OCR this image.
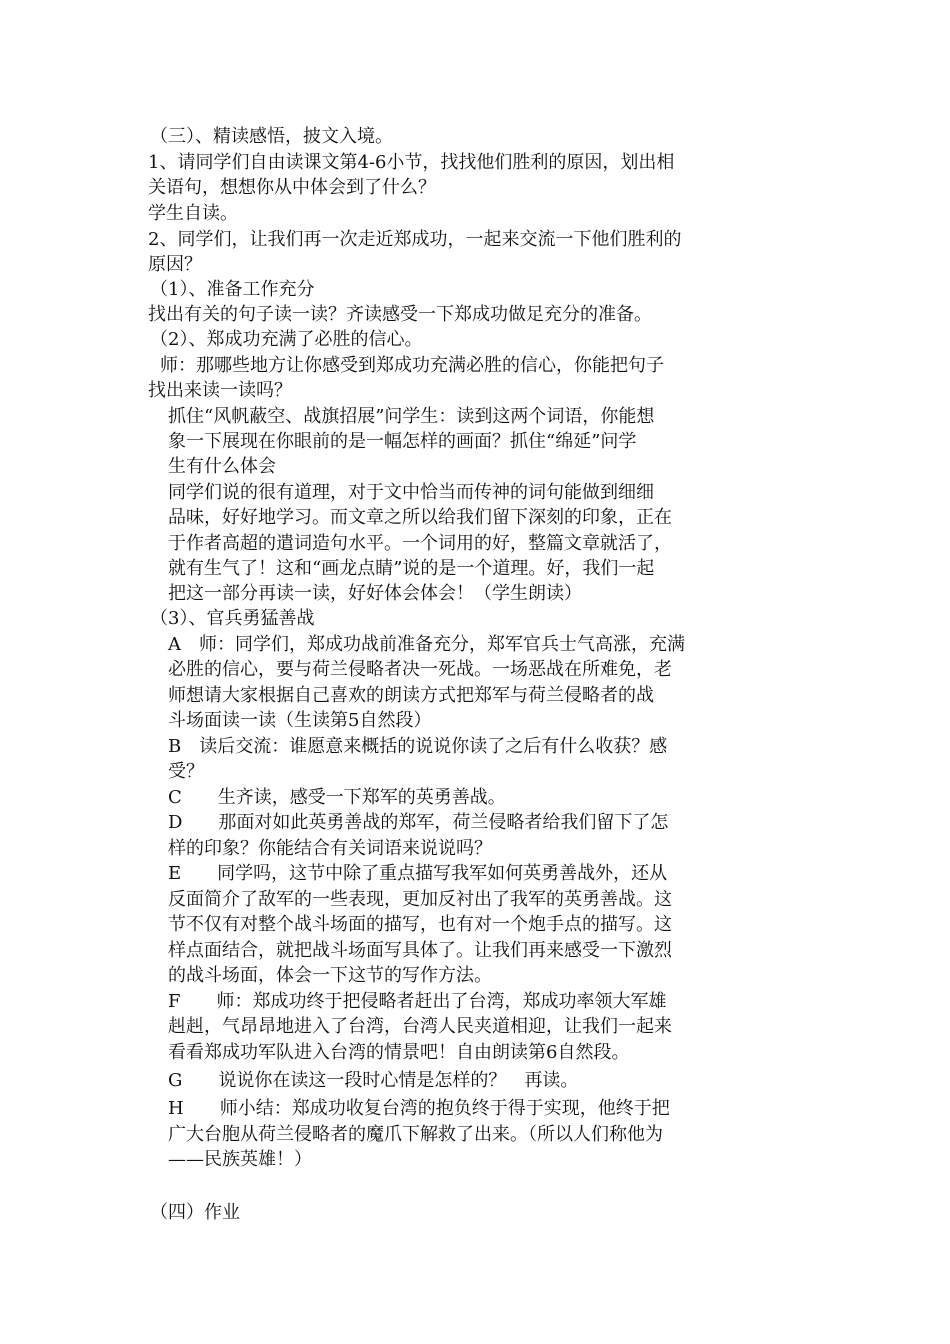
（三）、精读感悟，披文入境。
1、请同学们自由读课文第4-6小节，找找他们胜利的原因，划出相
关语句，想想你从中体会到了什么？
学生自读。
2、同学们，让我们再一次走近郑成功，一起来交流一下他们胜利的
原因？
（1）、准备工作充分
找出有关的句子读一读？齐读感受一下郑成功做足充分的准备。
（2）、郑成功充满了必胜的信心。
师：那哪些地方让你感受到郑成功充满必胜的信心，你能把句子
找出来读一读吗？
抓住“风帆蔽空、战旗招展”问学生：读到这两个词语，你能想
象一下展现在你眼前的是一幅怎样的画面？抓住“绵延”问学
生有什么体会
同学们说的很有道理，对于文中恰当而传神的词句能做到细细
品味，好好地学习。而文章之所以给我们留下深刻的印象，正在
于作者高超的遣词造句水平。一个词用的好，整篇文章就活了，
就有生气了！这和“画龙点睛”说的是一个道理。好，我们一起
把这一部分再读一读，好好体会体会！（学生朗读）
（3）、官兵勇猛善战
A　师：同学们，郑成功战前准备充分，郑军官兵士气高涨，充满
必胜的信心，要与荷兰侵略者决一死战。一场恶战在所难免，老
师想请大家根据自己喜欢的朗读方式把郑军与荷兰侵略者的战
斗场面读一读（生读第5自然段）
B　读后交流：谁愿意来概括的说说你读了之后有什么收获？感
受？
C　　生齐读，感受一下郑军的英勇善战。
D　　那面对如此英勇善战的郑军，荷兰侵略者给我们留下了怎
样的印象？你能结合有关词语来说说吗？
E　　同学吗，这节中除了重点描写我军如何英勇善战外，还从
反面简介了敌军的一些表现，更加反衬出了我军的英勇善战。这
节不仅有对整个战斗场面的描写，也有对一个炮手点的描写。这
样点面结合，就把战斗场面写具体了。让我们再来感受一下激烈
的战斗场面，体会一下这节的写作方法。
F　　师：郑成功终于把侵略者赶出了台湾，郑成功率领大军雄
赳赳，气昂昂地进入了台湾，台湾人民夹道相迎，让我们一起来
看看郑成功军队进入台湾的情景吧！自由朗读第6自然段。
G　　说说你在读这一段时心情是怎样的？　再读。
H　　师小结：郑成功收复台湾的抱负终于得于实现，他终于把
广大台胞从荷兰侵略者的魔爪下解救了出来。（所以人们称他为
——民族英雄！）
（四）作业
